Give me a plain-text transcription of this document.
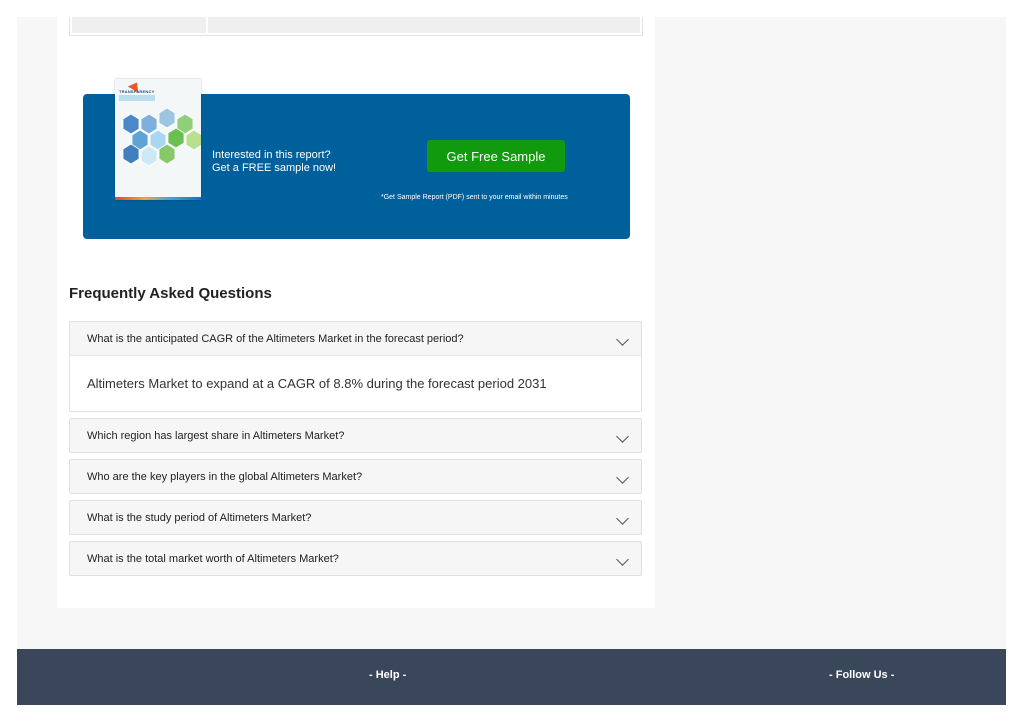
TRANSPARENCY
Interested in this report?
Get a FREE sample now!
Get Free Sample
*Get Sample Report (PDF) sent to your email within minutes
Frequently Asked Questions
What is the anticipated CAGR of the Altimeters Market in the forecast period?
Altimeters Market to expand at a CAGR of 8.8% during the forecast period 2031
Which region has largest share in Altimeters Market?
Who are the key players in the global Altimeters Market?
What is the study period of Altimeters Market?
What is the total market worth of Altimeters Market?
- Help -	- Follow Us -
